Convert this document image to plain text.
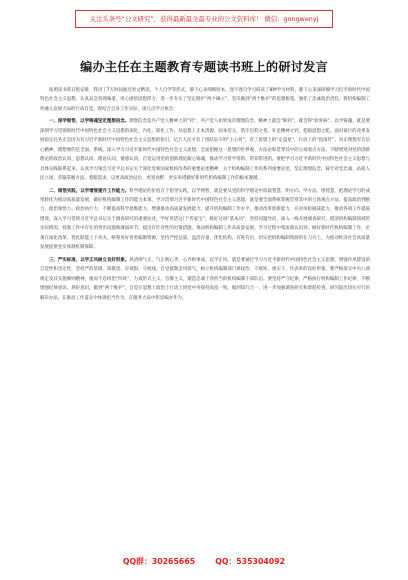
关注头条号“公文研究”，获得最新最全最专业的公文资料库！ 微信：gongwenyj
编办主任在主题教育专题读书班上的研讨发言

按照读书班日程安排，我用了7天时间通过原文精读、个人自学等形式，静下心来细细原本、逐字逐句学习研读了8种学习材料，静下心来深研细学习近平新时代中国特色社会主义思想，认真品尝真理味道，用心感悟思想伟力，进一步夯实了坚定拥护“两个确立”，坚决做到“两个维护”的思想根基，强化了忠诚政治责任，将机构编制工作融入发展大局的行动自觉。现结合自身工作实际，谈几点学习体会：

一、深学细悟，以学铸魂坚定理想信念。理想信念是共产党人精神上的“钙”，共产党人如果没有理想信念，精神上就会“缺钙”，就会得“软骨病”。以学铸魂，就是要深刻学习贯彻新时代中国特色社会主义思想的深化、内化、转化工作，从思想上正本清源、固本培元，筑牢信仰之基、补足精神之钙、把稳思想之舵。面对艰巨的改革发展稳定任务正是因为有习近平新时代中国特色社会主义思想的指引，亿万人民才有了团结奋斗的“主心骨”，有了思想上的“定盘星”，行动上的“指南针”。真正理想有自信心精神、理想要的是全面、系统。深入学习习近平新时代中国特色社会主义思想，全面把握这一思想的世界观、方法论和贯穿其中的立场观点方法，不断增进对党的创新理论的政治认同、思想认同、理论认同、情感认同，自觉运用党的创新理论凝心铸魂，推动学习常学常新、常知常进的。要把学习习近平新时代中国特色社会主义思想与具体实践联系起来，认真学习领会习近平总书记关于深化党和国家机构改革的重要论述精神，关于机构编制工作的系列重要论述，坚定理想信念，铸牢对党忠诚、站稳人民立场，普遍掌握方法、着眼需求，以更高政治站位、更宽视野、更实举措做好新时代机构编制工作的根本遵循。

二、细悟实践，以学增智提升工作能力。科学理论的价值在于指导实践，以学增智，就是要从党的科学理论中汲取智慧、明方向、学方法、增智慧，把理论学习的成果转化为推动高质量发展、做好机构编制工作的能力本领。学习贯彻习近平新时代中国特色社会主义思想，就是要全面系统掌握贯穿其中的立场观点方法，提高政治判断力、政治领悟力、政治执行力，不断提高科学思维能力、增强推动高质量发展能力，提升机构编制工作水平，推动改革创新能力、应对风险挑战能力，推动各项工作提质增效。深入学习贯彻习近平总书记关于调查研究的重要论述，学好用活这门“传家宝”，练好这项“基本功”，坚持问题导向，深入一线开展调查研究，摸清机构编制领域的实际情况，找准工作中存在的突出问题和薄弱环节，提出有针对性的对策措施，推动机构编制工作高质量发展。学习过程中我深刻认识到，做好新时代机构编制工作，必须在深化改革、优化职能上下功夫，统筹用好各类编制资源，坚持严控总量、盘活存量、优化结构、有进有出，切实把机构编制资源用在刀刃上，为推动经济社会高质量发展提供坚实体制机制保障。

三、严实标准，以学正风树立良好形象。风清则气正，气正则心齐，心齐则事成。以学正风，就是要通过学习习近平新时代中国特色社会主义思想，增强作风建设的自觉性和坚定性，坚持严的基调，知敬畏、存戒惧、守底线，自觉抵制歪风邪气，树立机构编制部门讲政治、守规矩、重实干、作表率的良好形象。要严格落实中央八项规定及其实施细则精神，驰而不息纠治“四风”，力戒形式主义、官僚主义，锻造忠诚干净担当的机构编制干部队伍。要坚持严守纪律，严格执行机构编制工作纪律，不断增强纪律意识、规矩意识，做到“两个维护”，自觉在思想上政治上行动上同党中央保持高度一致，做到知行合一，进一步加强调查研究和督促检查，研究提出切实可行的解决办法，在推动工作落实中体现担当作为，在服务大局中彰显编办作为。

QQ群：30265665	QQ：535304092
